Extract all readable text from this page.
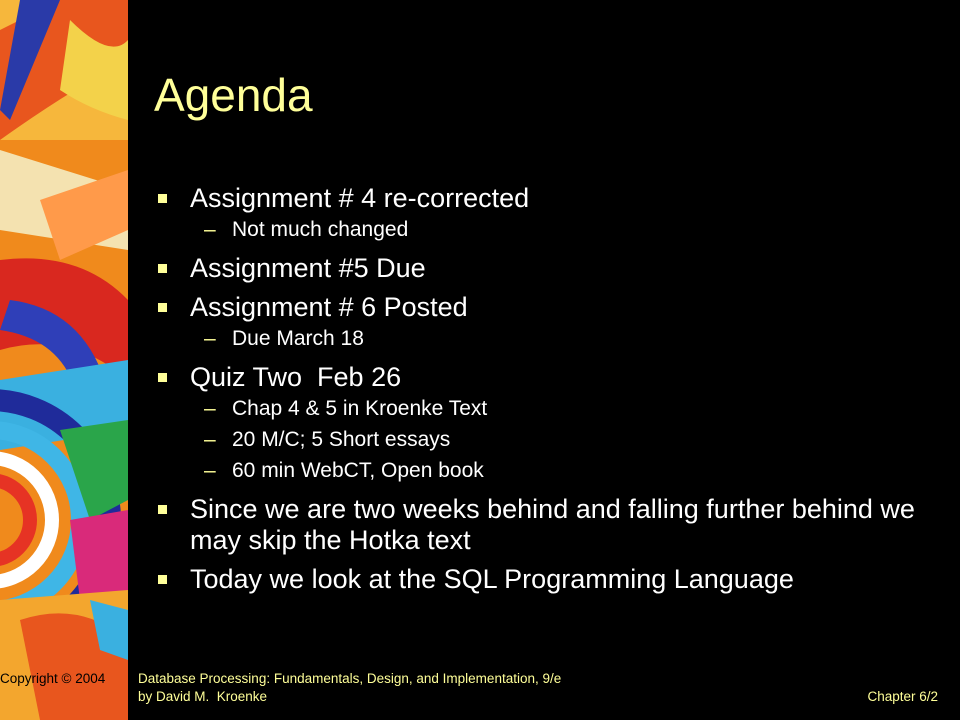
Agenda
Assignment # 4 re-corrected
– Not much changed
Assignment #5 Due
Assignment # 6 Posted
– Due March 18
Quiz Two  Feb 26
– Chap 4 & 5 in Kroenke Text
– 20 M/C; 5 Short essays
– 60 min WebCT, Open book
Since we are two weeks behind and falling further behind we may skip the Hotka text
Today we look at the SQL Programming Language
Copyright © 2004	Database Processing: Fundamentals, Design, and Implementation, 9/e
by David M.  Kroenke	Chapter 6/2
